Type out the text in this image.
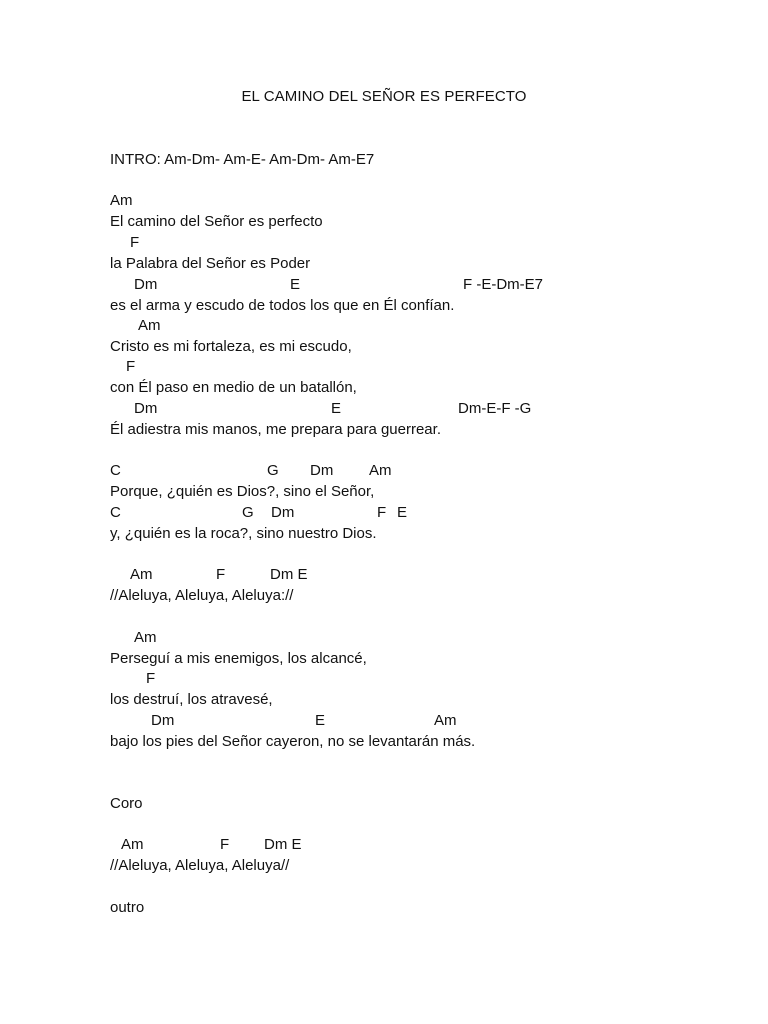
EL CAMINO DEL SEÑOR ES PERFECTO
INTRO: Am-Dm- Am-E- Am-Dm- Am-E7
Am
El camino del Señor es perfecto
F
la Palabra del Señor es Poder
Dm	E	F -E-Dm-E7
es el arma y escudo de todos los que en Él confían.
Am
Cristo es mi fortaleza, es mi escudo,
F
con Él paso en medio de un batallón,
Dm	E	Dm-E-F -G
Él adiestra mis manos, me prepara para guerrear.
C	G Dm Am
Porque, ¿quién es Dios?, sino el Señor,
C	G Dm	F E
y, ¿quién es la roca?, sino nuestro Dios.
Am	F	Dm E
//Aleluya, Aleluya, Aleluya://
Am
Perseguí a mis enemigos, los alcancé,
F
los destruí, los atravesé,
Dm	E	Am
bajo los pies del Señor cayeron, no se levantarán más.
Coro
Am	F Dm E
//Aleluya, Aleluya, Aleluya//
outro
